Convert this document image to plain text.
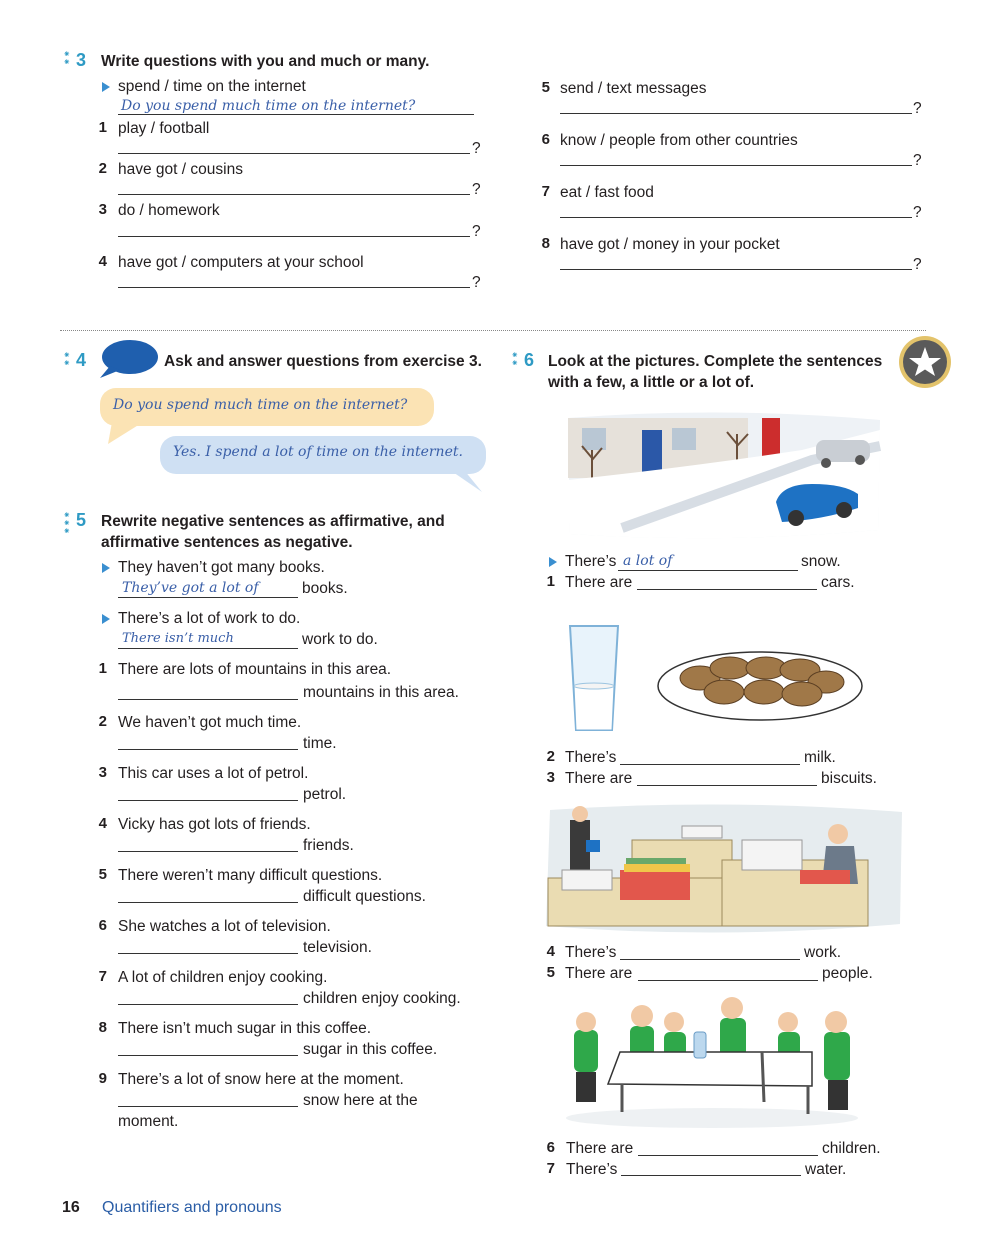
⁕
⁕ 3 Write questions with you and much or many.
spend / time on the internet
Do you spend much time on the internet?
1 play / football
?
2 have got / cousins
?
3 do / homework
?
4 have got / computers at your school
?
5 send / text messages
?
6 know / people from other countries
?
7 eat / fast food
?
8 have got / money in your pocket
?
⁕
⁕ 4	Ask and answer questions from exercise 3.
Do you spend much time on the internet?
Yes. I spend a lot of time on the internet.
⁕
⁕
⁕
5 Rewrite negative sentences as affirmative, and
affirmative sentences as negative.
They haven’t got many books.
They’ve got a lot of	books.
There’s a lot of work to do.
There isn’t much	work to do.
1 There are lots of mountains in this area.
mountains in this area.
2 We haven’t got much time.
time.
3 This car uses a lot of petrol.
petrol.
4 Vicky has got lots of friends.
friends.
5 There weren’t many difficult questions.
difficult questions.
6 She watches a lot of television.
television.
7 A lot of children enjoy cooking.
children enjoy cooking.
8 There isn’t much sugar in this coffee.
sugar in this coffee.
9 There’s a lot of snow here at the moment.
snow here at the
moment.
⁕
⁕ 6 Look at the pictures. Complete the sentences
with a few, a little or a lot of.
There’s a lot of	snow.
1 There are	cars.
2 There’s	milk.
3 There are	biscuits.
4 There’s	work.
5 There are	people.
6 There are	children.
7 There’s	water.
16 Quantifiers and pronouns
